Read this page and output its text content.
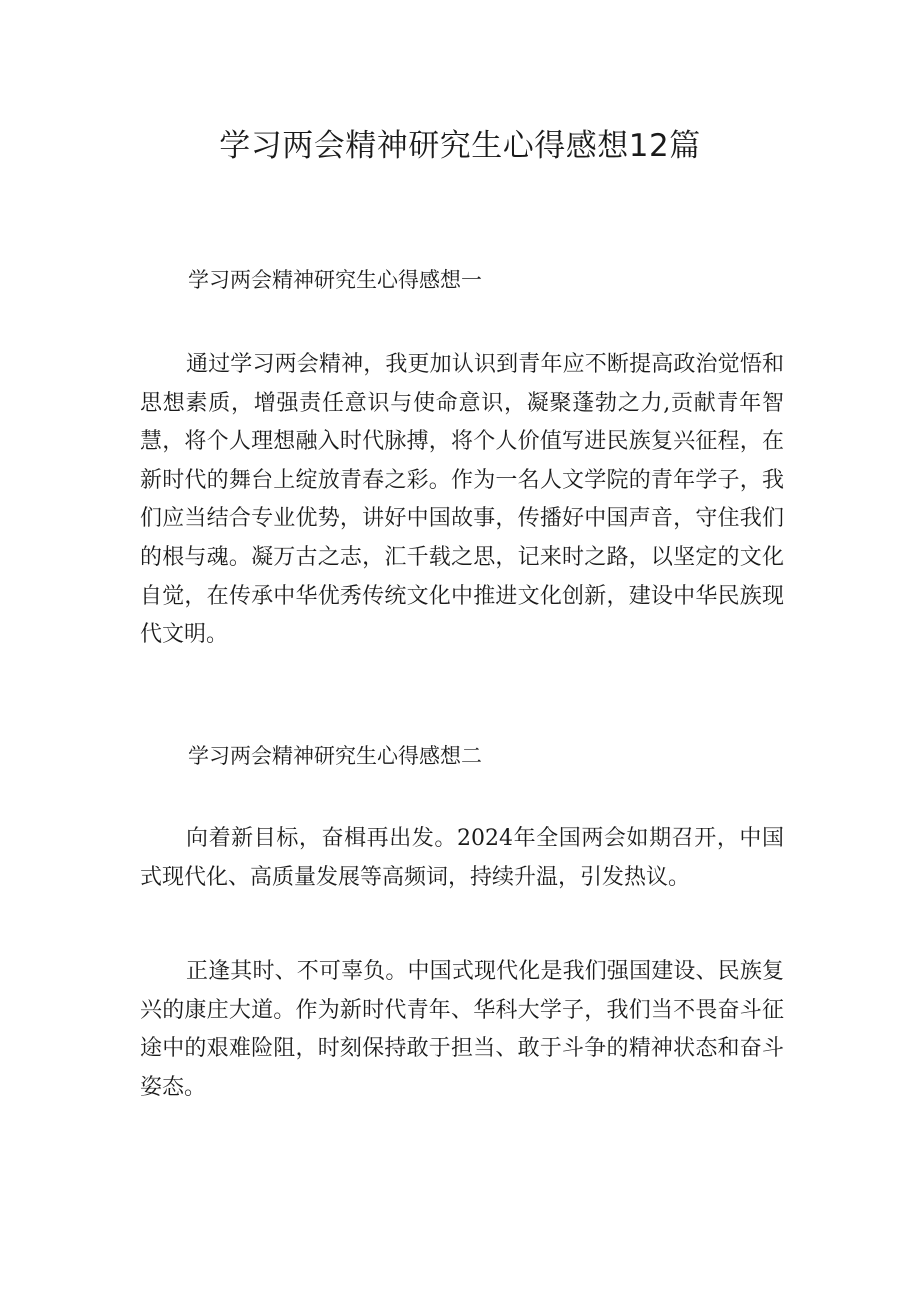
学习两会精神研究生心得感想12篇
学习两会精神研究生心得感想一

通过学习两会精神，我更加认识到青年应不断提高政治觉悟和思想素质，增强责任意识与使命意识，凝聚蓬勃之力,贡献青年智慧，将个人理想融入时代脉搏，将个人价值写进民族复兴征程，在新时代的舞台上绽放青春之彩。作为一名人文学院的青年学子，我们应当结合专业优势，讲好中国故事，传播好中国声音，守住我们的根与魂。凝万古之志，汇千载之思，记来时之路，以坚定的文化自觉，在传承中华优秀传统文化中推进文化创新，建设中华民族现代文明。

学习两会精神研究生心得感想二

向着新目标，奋楫再出发。2024年全国两会如期召开，中国式现代化、高质量发展等高频词，持续升温，引发热议。

正逢其时、不可辜负。中国式现代化是我们强国建设、民族复兴的康庄大道。作为新时代青年、华科大学子，我们当不畏奋斗征途中的艰难险阻，时刻保持敢于担当、敢于斗争的精神状态和奋斗姿态。
